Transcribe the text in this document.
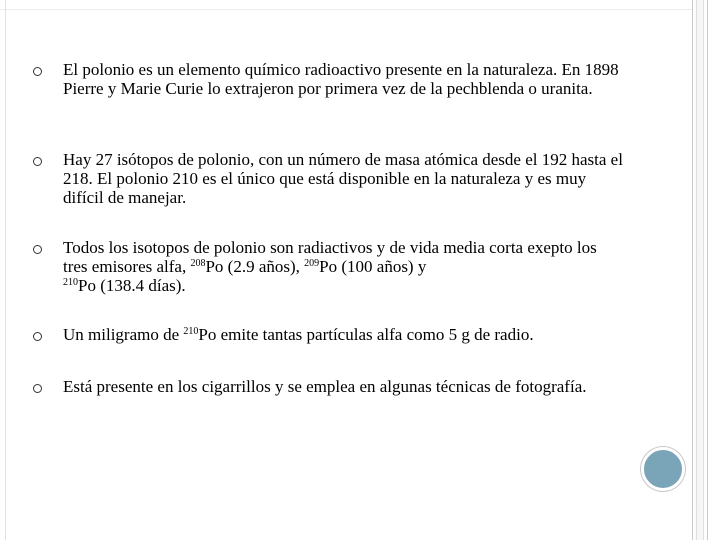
El polonio es un elemento químico radioactivo presente en la naturaleza. En 1898 Pierre y Marie Curie lo extrajeron por primera vez de la pechblenda o uranita.

Hay 27 isótopos de polonio, con un número de masa atómica desde el 192 hasta el 218. El polonio 210 es el único que está disponible en la naturaleza y es muy difícil de manejar.

Todos los isotopos de polonio son radiactivos y de vida media corta exepto los tres emisores alfa, $^{208}$Po (2.9 años), $^{209}$Po (100 años) y
$^{210}$Po (138.4 días).

Un miligramo de $^{210}$Po emite tantas partículas alfa como 5 g de radio.

Está presente en los cigarrillos y se emplea en algunas técnicas de fotografía.
